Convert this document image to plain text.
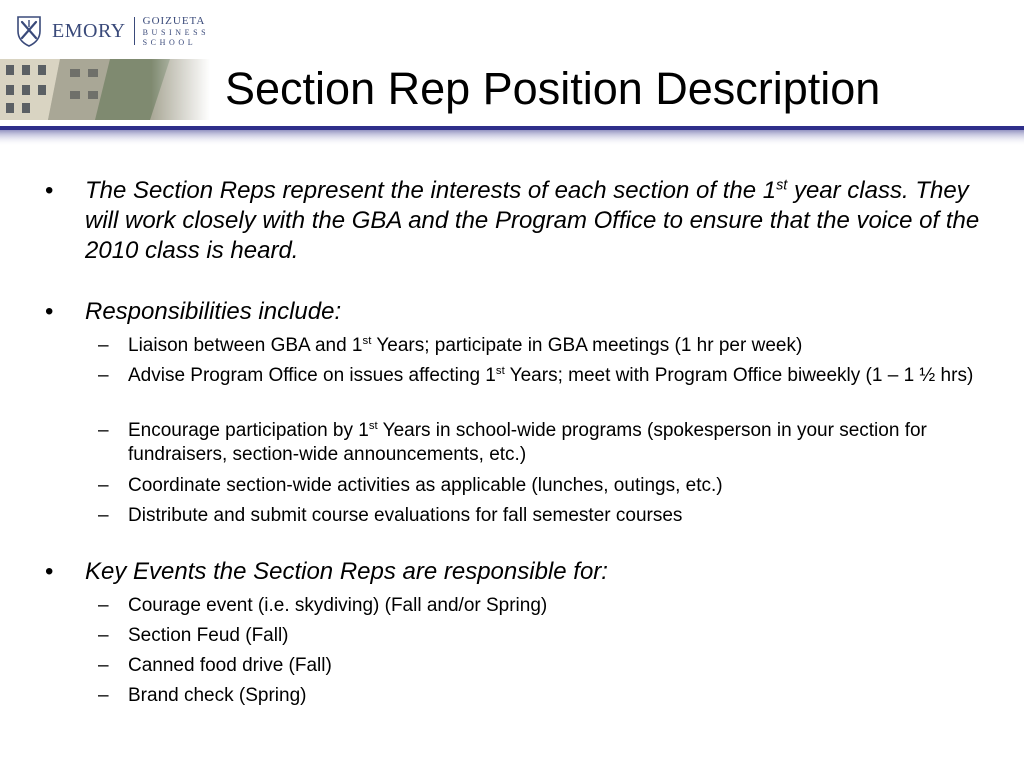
EMORY GOIZUETA
BUSINESS
SCHOOL
Section Rep Position Description

• The Section Reps represent the interests of each section of the 1st year class. They will work closely with the GBA and the Program Office to ensure that the voice of the 2010 class is heard.

• Responsibilities include:

– Liaison between GBA and 1st Years; participate in GBA meetings (1 hr per week)

– Advise Program Office on issues affecting 1st Years; meet with Program Office biweekly (1 – 1 ½ hrs)

– Encourage participation by 1st Years in school-wide programs (spokesperson in your section for fundraisers, section-wide announcements, etc.)

– Coordinate section-wide activities as applicable (lunches, outings, etc.)

– Distribute and submit course evaluations for fall semester courses

• Key Events the Section Reps are responsible for:

– Courage event (i.e. skydiving) (Fall and/or Spring)

– Section Feud (Fall)

– Canned food drive (Fall)

– Brand check (Spring)
